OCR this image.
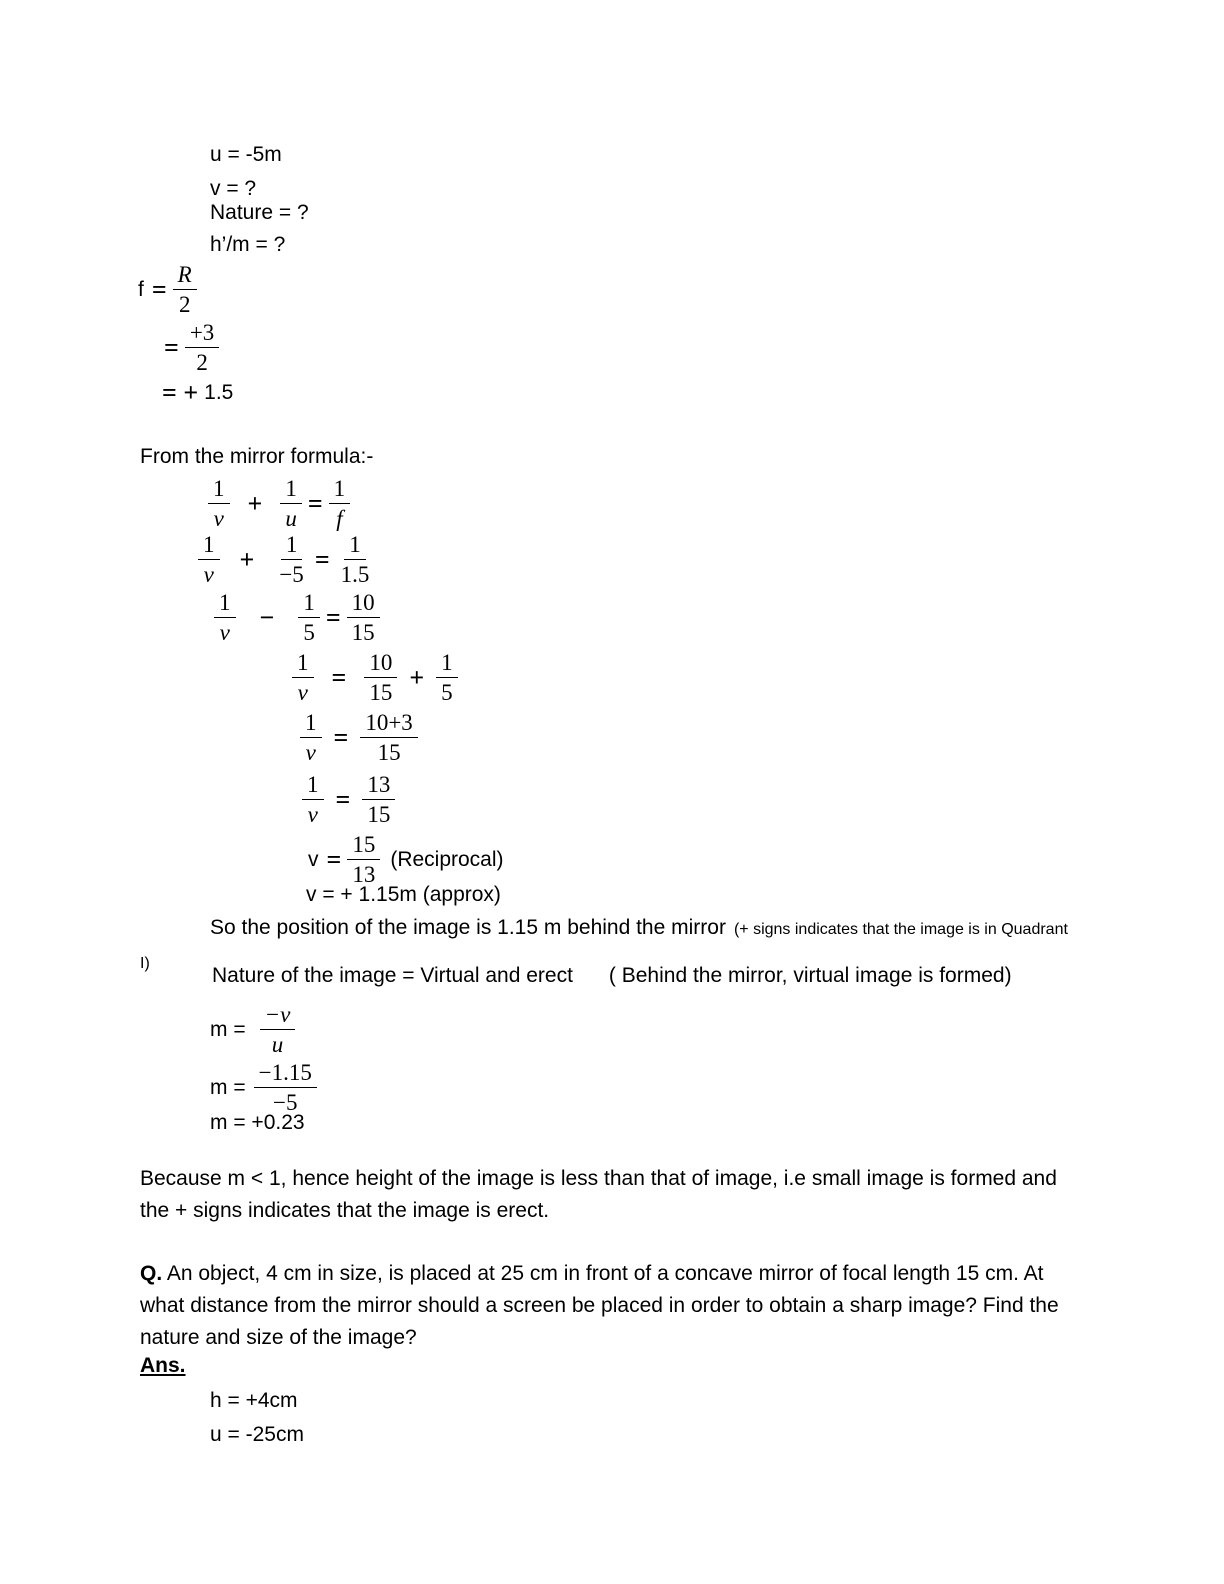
u = -5m
v = ?
Nature = ?
h’/m = ?
$f = \frac{R}{2}$
= $\frac{+3}{2}$
= + 1.5
From the mirror formula:-
$\frac{1}{v} + \frac{1}{u} = \frac{1}{f}$
$\frac{1}{v} + \frac{1}{-5} = \frac{1}{1.5}$
$\frac{1}{v}$ −	$\frac{1}{5} = \frac{10}{15}$
$\frac{1}{v} = \frac{10}{15} + \frac{1}{5}$
$\frac{1}{v} = \frac{10+3}{15}$
$\frac{1}{v} = \frac{13}{15}$
$v = \frac{15}{13}$ (Reciprocal)
v = + 1.15m (approx)
So the position of the image is 1.15 m behind the mirror (+ signs indicates that the image is in Quadrant I)
Nature of the image = Virtual and erect ( Behind the mirror, virtual image is formed)
$m = \frac{-v}{u}$
$m = \frac{-1.15}{-5}$
m = +0.23
Because m < 1, hence height of the image is less than that of image, i.e small image is formed and the + signs indicates that the image is erect.
Q. An object, 4 cm in size, is placed at 25 cm in front of a concave mirror of focal length 15 cm. At what distance from the mirror should a screen be placed in order to obtain a sharp image? Find the nature and size of the image?
Ans.
h = +4cm
u = -25cm
